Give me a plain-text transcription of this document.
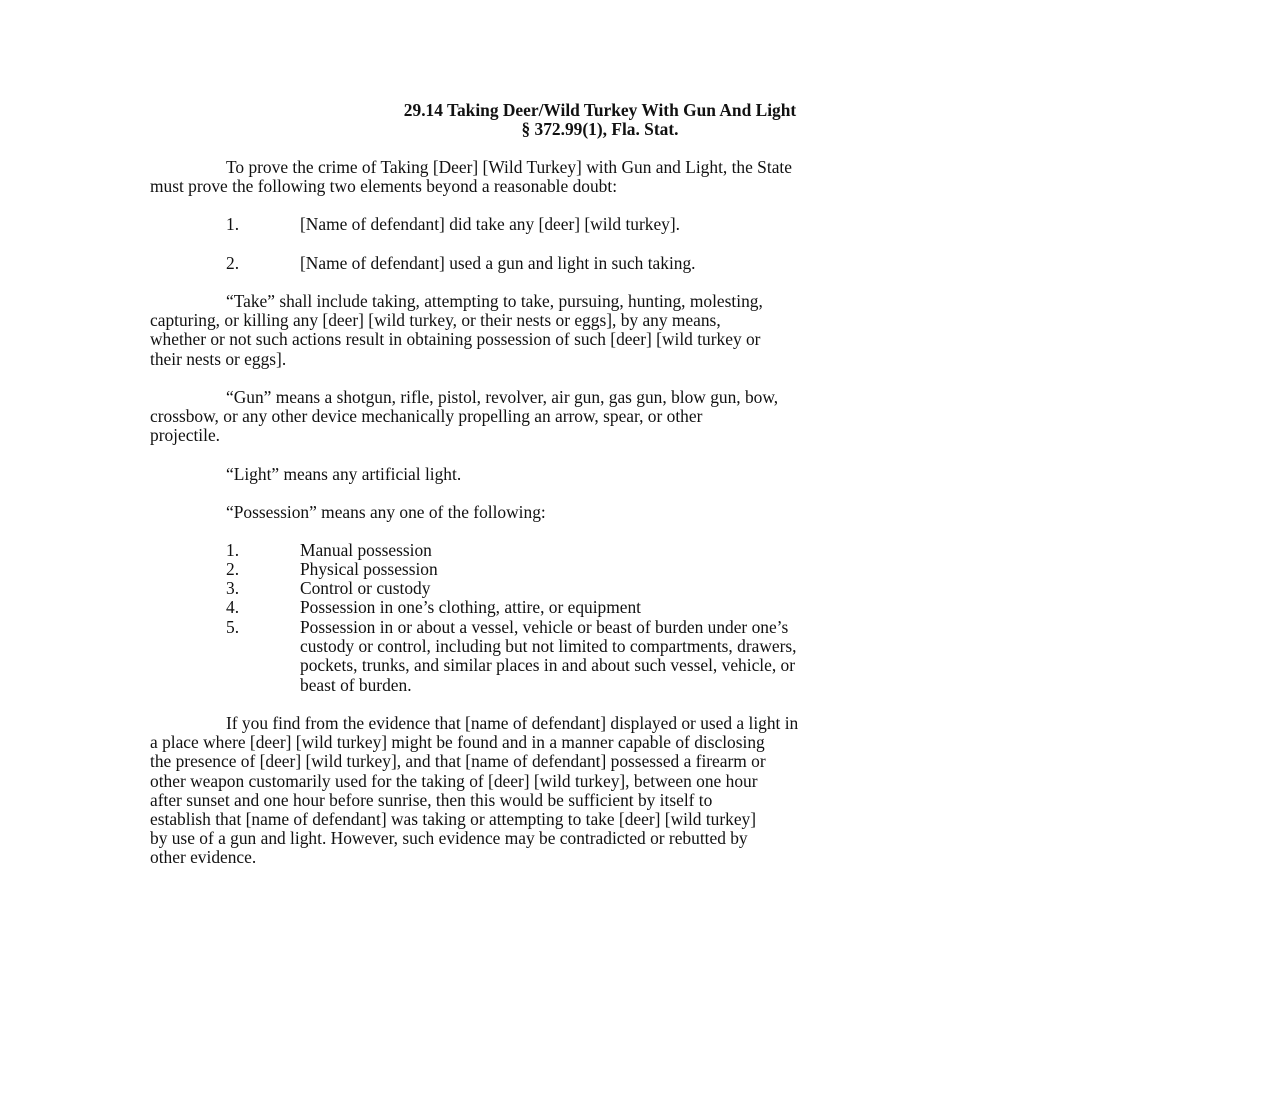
29.14 Taking Deer/Wild Turkey With Gun And Light
§ 372.99(1), Fla. Stat.
To prove the crime of Taking [Deer] [Wild Turkey] with Gun and Light, the State
must prove the following two elements beyond a reasonable doubt:
1.	[Name of defendant] did take any [deer] [wild turkey].
2.	[Name of defendant] used a gun and light in such taking.
“Take” shall include taking, attempting to take, pursuing, hunting, molesting,
capturing, or killing any [deer] [wild turkey, or their nests or eggs], by any means,
whether or not such actions result in obtaining possession of such [deer] [wild turkey or
their nests or eggs].
“Gun” means a shotgun, rifle, pistol, revolver, air gun, gas gun, blow gun, bow,
crossbow, or any other device mechanically propelling an arrow, spear, or other
projectile.
“Light” means any artificial light.
“Possession” means any one of the following:
1.	Manual possession
2.	Physical possession
3.	Control or custody
4.	Possession in one’s clothing, attire, or equipment
5.	Possession in or about a vessel, vehicle or beast of burden under one’s
custody or control, including but not limited to compartments, drawers,
pockets, trunks, and similar places in and about such vessel, vehicle, or
beast of burden.
If you find from the evidence that [name of defendant] displayed or used a light in
a place where [deer] [wild turkey] might be found and in a manner capable of disclosing
the presence of [deer] [wild turkey], and that [name of defendant] possessed a firearm or
other weapon customarily used for the taking of [deer] [wild turkey], between one hour
after sunset and one hour before sunrise, then this would be sufficient by itself to
establish that [name of defendant] was taking or attempting to take [deer] [wild turkey]
by use of a gun and light. However, such evidence may be contradicted or rebutted by
other evidence.
